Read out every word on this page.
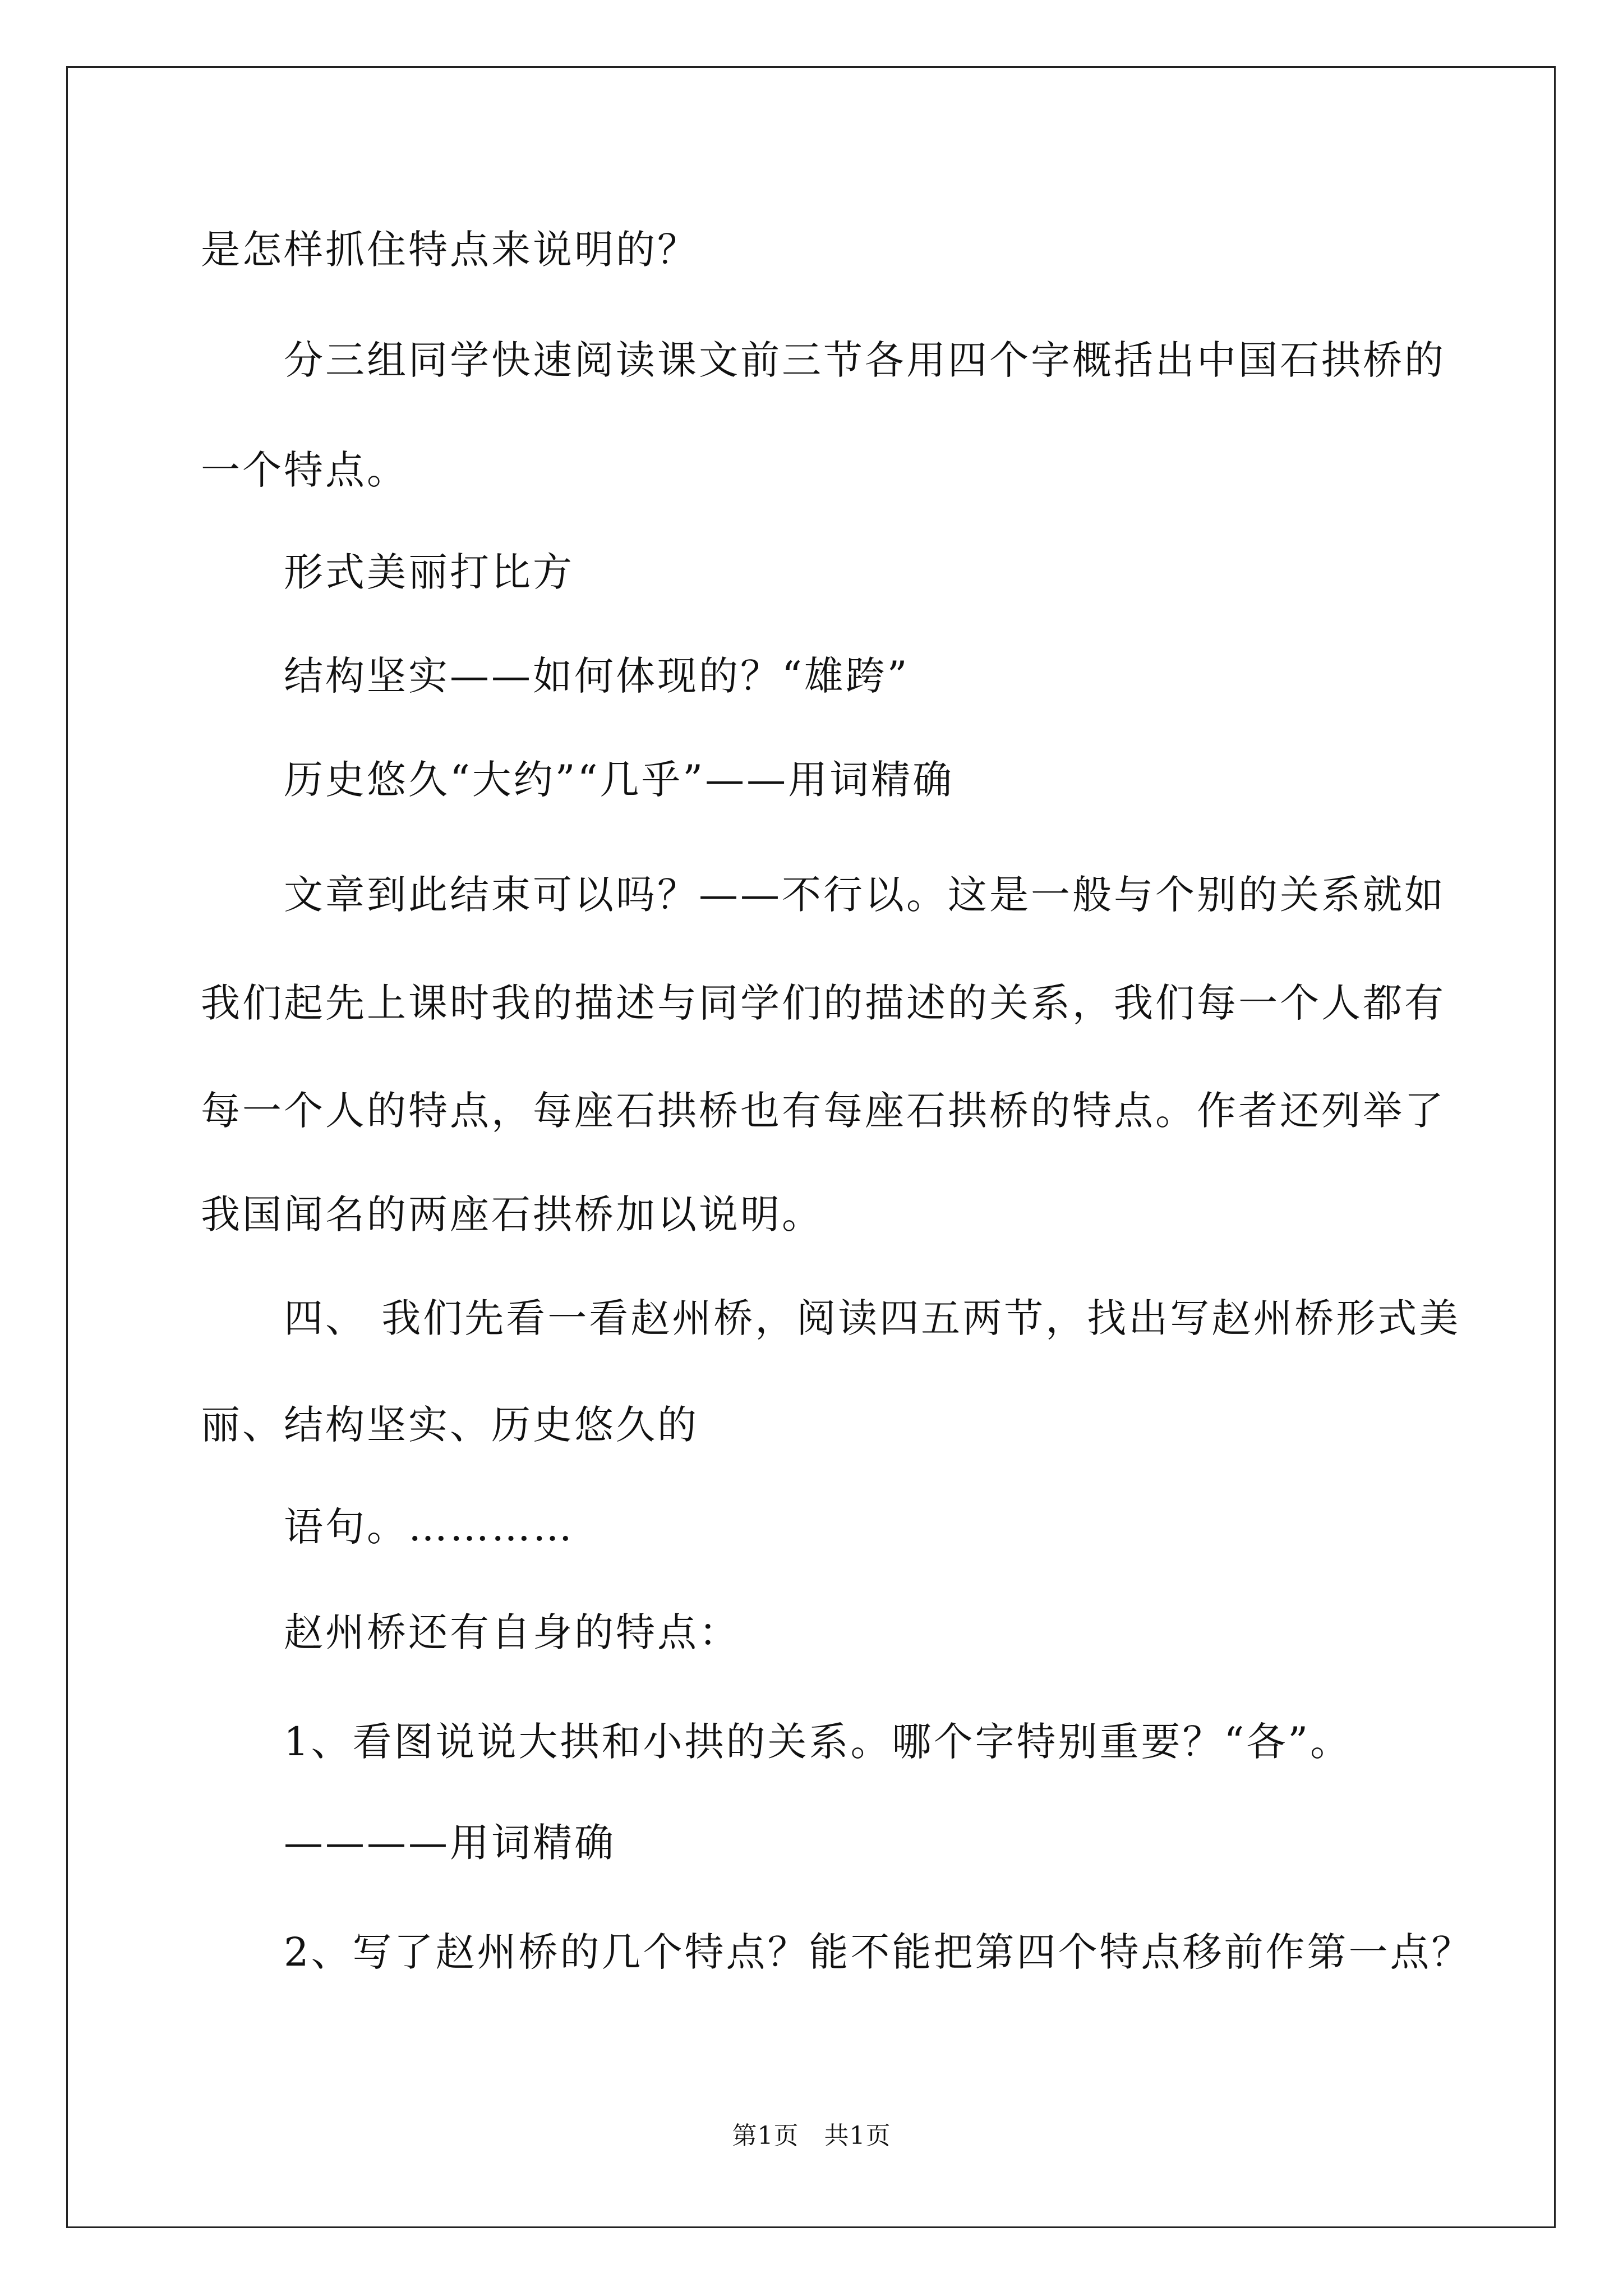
是怎样抓住特点来说明的？
分三组同学快速阅读课文前三节各用四个字概括出中国石拱桥的
一个特点。
形式美丽打比方
结构坚实——如何体现的？“雄跨”
历史悠久“大约”“几乎”——用词精确
文章到此结束可以吗？——不行以。这是一般与个别的关系就如
我们起先上课时我的描述与同学们的描述的关系，我们每一个人都有
每一个人的特点，每座石拱桥也有每座石拱桥的特点。作者还列举了
我国闻名的两座石拱桥加以说明。
四、 我们先看一看赵州桥，阅读四五两节，找出写赵州桥形式美
丽、结构坚实、历史悠久的
语句。…………
赵州桥还有自身的特点：
1、看图说说大拱和小拱的关系。哪个字特别重要？“各”。
————用词精确
2、写了赵州桥的几个特点？能不能把第四个特点移前作第一点？
第1页   共1页
